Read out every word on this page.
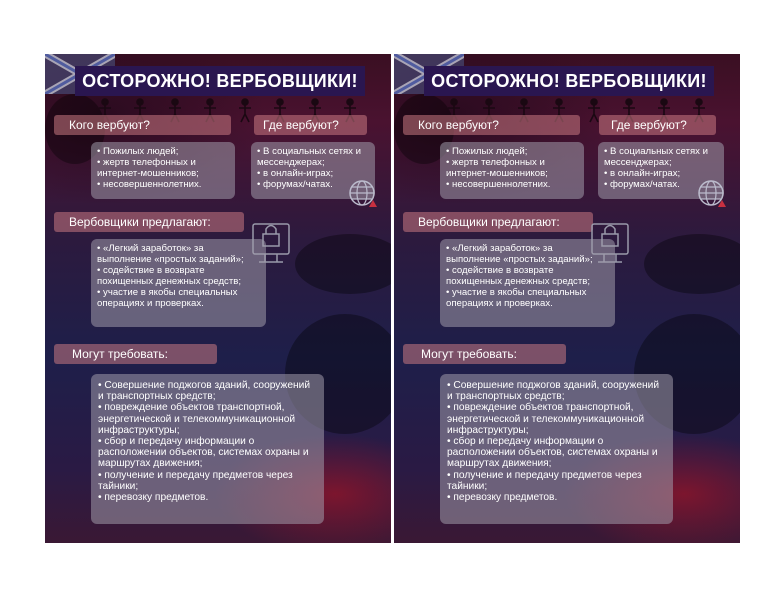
ОСТОРОЖНО! ВЕРБОВЩИКИ!
Кого вербуют?	Где вербуют?
• Пожилых людей;
• жертв телефонных и интернет-мошенников;
• несовершеннолетних.
• В социальных сетях и мессенджерах;
• в онлайн-играх;
• форумах/чатах.
Вербовщики предлагают:
• «Легкий заработок» за выполнение «простых заданий»;
• содействие в возврате похищенных денежных средств;
• участие в якобы специальных операциях и проверках.
Могут требовать:
• Совершение поджогов зданий, сооружений и транспортных средств;
• повреждение объектов транспортной, энергетической и телекоммуникационной инфраструктуры;
• сбор и передачу информации о расположении объектов, системах охраны и маршрутах движения;
• получение и передачу предметов через тайники;
• перевозку предметов.
ОСТОРОЖНО! ВЕРБОВЩИКИ!
Кого вербуют?	Где вербуют?
• Пожилых людей;
• жертв телефонных и интернет-мошенников;
• несовершеннолетних.
• В социальных сетях и мессенджерах;
• в онлайн-играх;
• форумах/чатах.
Вербовщики предлагают:
• «Легкий заработок» за выполнение «простых заданий»;
• содействие в возврате похищенных денежных средств;
• участие в якобы специальных операциях и проверках.
Могут требовать:
• Совершение поджогов зданий, сооружений и транспортных средств;
• повреждение объектов транспортной, энергетической и телекоммуникационной инфраструктуры;
• сбор и передачу информации о расположении объектов, системах охраны и маршрутах движения;
• получение и передачу предметов через тайники;
• перевозку предметов.
